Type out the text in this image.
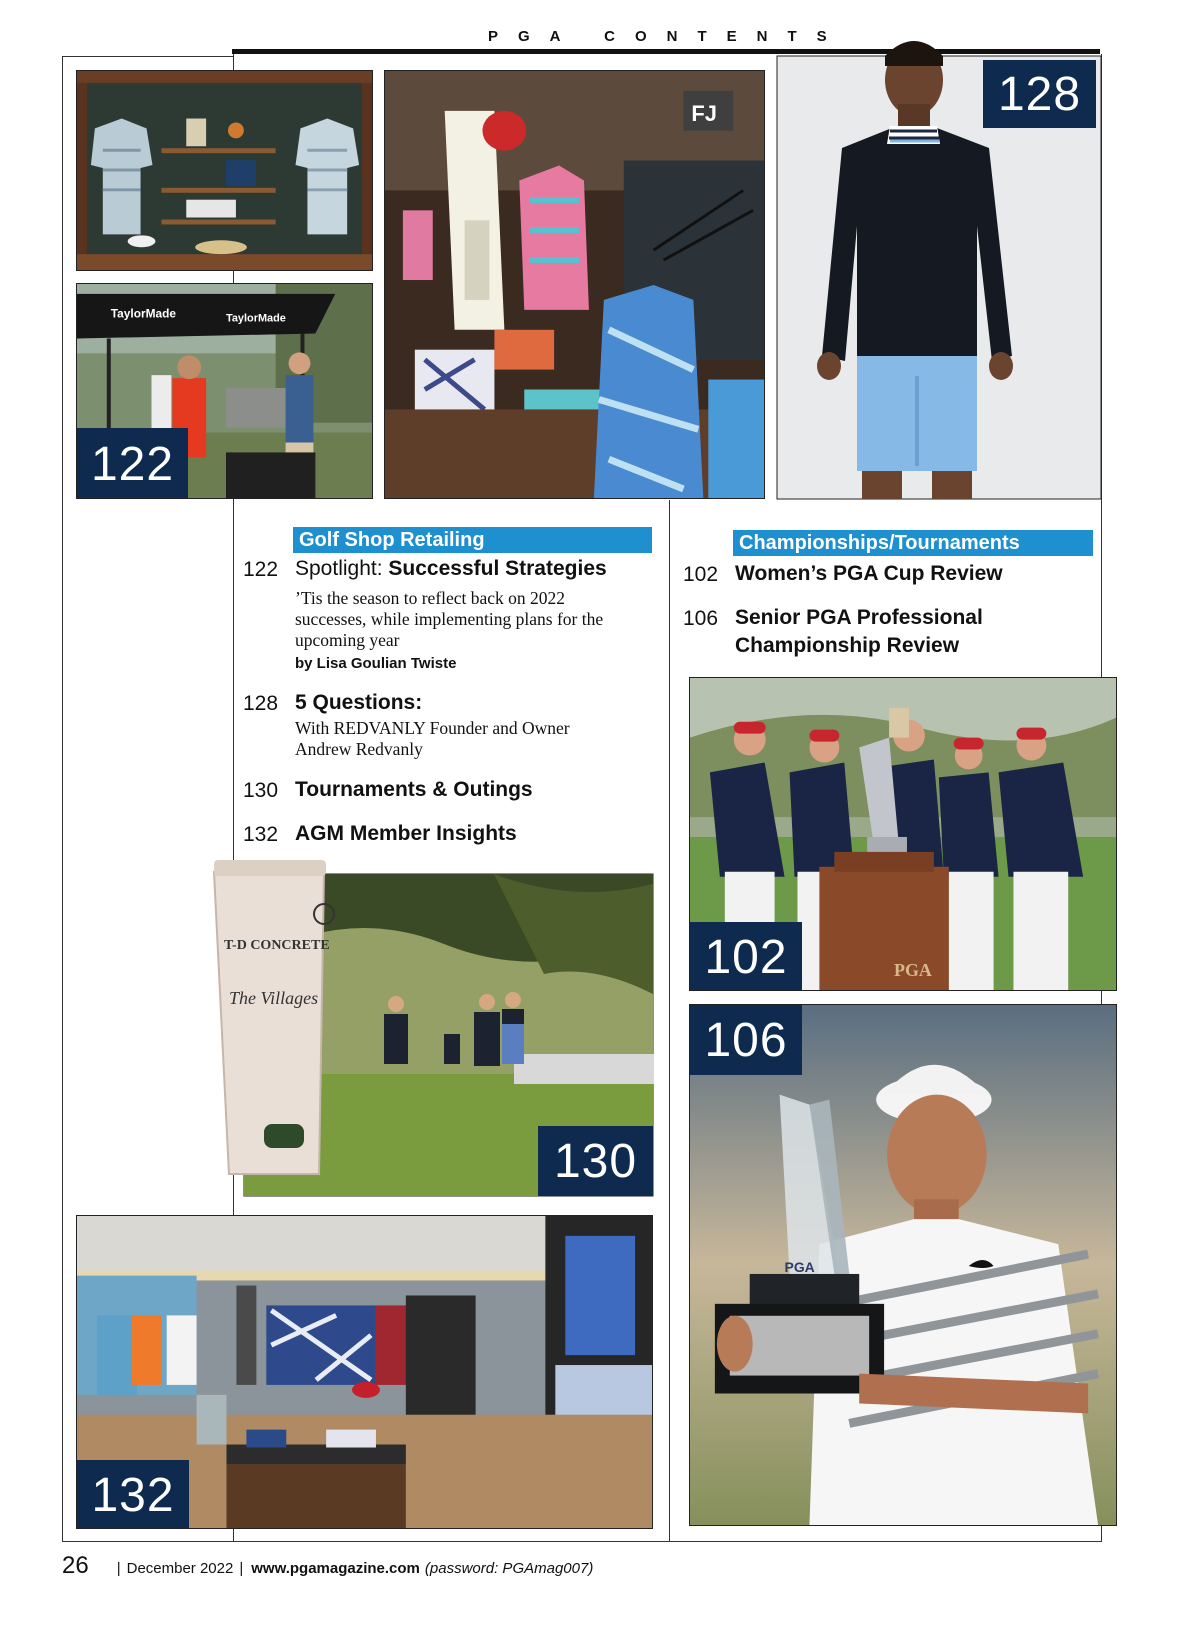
PGA CONTENTS
TaylorMade	TaylorMade
122
FJ	128
Golf Shop Retailing
122 Spotlight: Successful Strategies
’Tis the season to reflect back on 2022
successes, while implementing plans for the
upcoming year
by Lisa Goulian Twiste
128 5 Questions:
With REDVANLY Founder and Owner
Andrew Redvanly
130 Tournaments & Outings
132 AGM Member Insights
Championships/Tournaments
102 Women’s PGA Cup Review
106 Senior PGA Professional
Championship Review
PGA
102
PGA
106
T-D CONCRETE
The Villages
130
132
26 | December 2022 | www.pgamagazine.com (password: PGAmag007)
